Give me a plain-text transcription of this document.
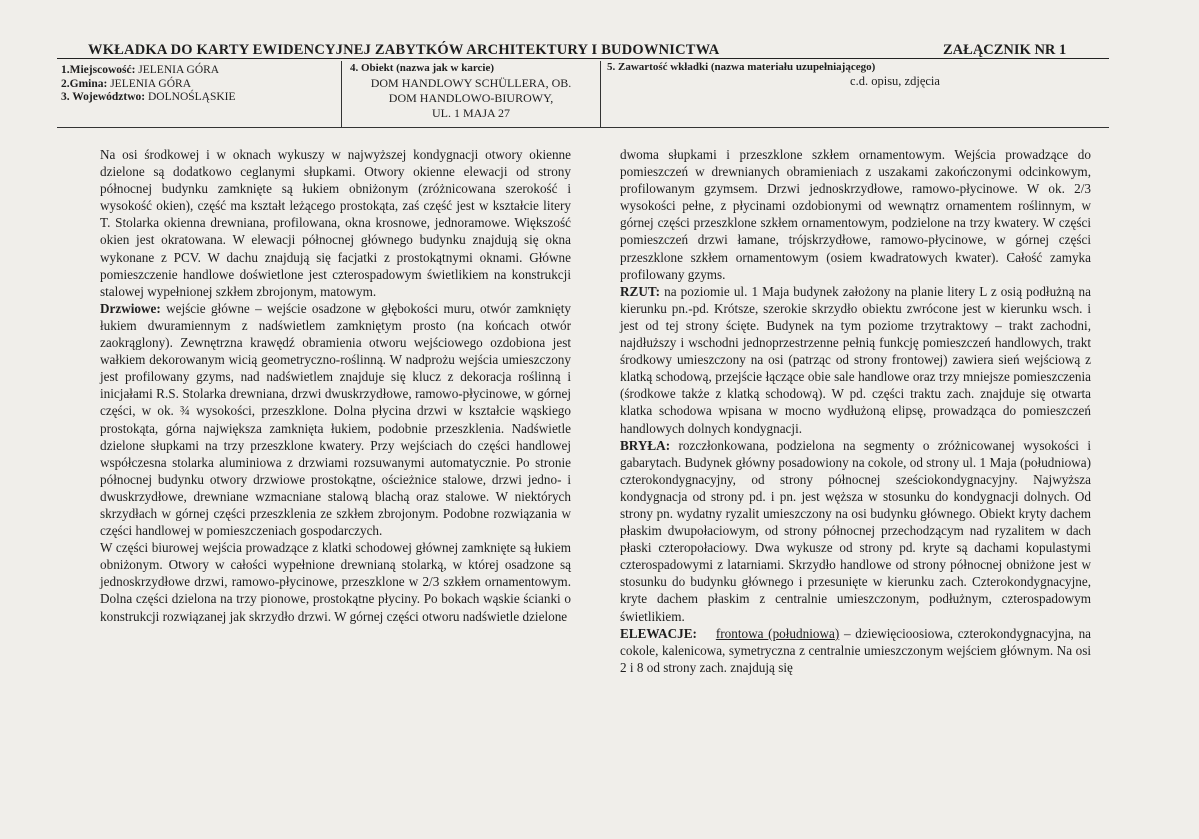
WKŁADKA DO KARTY EWIDENCYJNEJ ZABYTKÓW ARCHITEKTURY I BUDOWNICTWA	ZAŁĄCZNIK NR 1
1.Miejscowość: JELENIA GÓRA
2.Gmina: JELENIA GÓRA
3. Województwo: DOLNOŚLĄSKIE
4. Obiekt (nazwa jak w karcie)
DOM HANDLOWY SCHÜLLERA, OB.
DOM HANDLOWO-BIUROWY,
UL. 1 MAJA 27
5. Zawartość wkładki (nazwa materiału uzupełniającego)
c.d. opisu, zdjęcia

Na osi środkowej i w oknach wykuszy w najwyższej kondygnacji otwory okienne dzielone są dodatkowo ceglanymi słupkami. Otwory okienne elewacji od strony północnej budynku zamknięte są łukiem obniżonym (zróżnicowana szerokość i wysokość okien), część ma kształt leżącego prostokąta, zaś część jest w kształcie litery T. Stolarka okienna drewniana, profilowana, okna krosnowe, jednoramowe. Większość okien jest okratowana. W elewacji północnej głównego budynku znajdują się okna wykonane z PCV. W dachu znajdują się facjatki z prostokątnymi oknami. Główne pomieszczenie handlowe doświetlone jest czterospadowym świetlikiem na konstrukcji stalowej wypełnionej szkłem zbrojonym, matowym.

Drzwiowe: wejście główne – wejście osadzone w głębokości muru, otwór zamknięty łukiem dwuramiennym z nadświetlem zamkniętym prosto (na końcach otwór zaokrąglony). Zewnętrzna krawędź obramienia otworu wejściowego ozdobiona jest wałkiem dekorowanym wicią geometryczno-roślinną. W nadprożu wejścia umieszczony jest profilowany gzyms, nad nadświetlem znajduje się klucz z dekoracja roślinną i inicjałami R.S. Stolarka drewniana, drzwi dwuskrzydłowe, ramowo-płycinowe, w górnej części, w ok. ¾ wysokości, przeszklone. Dolna płycina drzwi w kształcie wąskiego prostokąta, górna największa zamknięta łukiem, podobnie przeszklenia. Nadświetle dzielone słupkami na trzy przeszklone kwatery. Przy wejściach do części handlowej współczesna stolarka aluminiowa z drzwiami rozsuwanymi automatycznie. Po stronie północnej budynku otwory drzwiowe prostokątne, ościeżnice stalowe, drzwi jedno- i dwuskrzydłowe, drewniane wzmacniane stalową blachą oraz stalowe. W niektórych skrzydłach w górnej części przeszklenia ze szkłem zbrojonym. Podobne rozwiązania w części handlowej w pomieszczeniach gospodarczych.

W części biurowej wejścia prowadzące z klatki schodowej głównej zamknięte są łukiem obniżonym. Otwory w całości wypełnione drewnianą stolarką, w której osadzone są jednoskrzydłowe drzwi, ramowo-płycinowe, przeszklone w 2/3 szkłem ornamentowym. Dolna części dzielona na trzy pionowe, prostokątne płyciny. Po bokach wąskie ścianki o konstrukcji rozwiązanej jak skrzydło drzwi. W górnej części otworu nadświetle dzielone

dwoma słupkami i przeszklone szkłem ornamentowym. Wejścia prowadzące do pomieszczeń w drewnianych obramieniach z uszakami zakończonymi odcinkowym, profilowanym gzymsem. Drzwi jednoskrzydłowe, ramowo-płycinowe. W ok. 2/3 wysokości pełne, z płycinami ozdobionymi od wewnątrz ornamentem roślinnym, w górnej części przeszklone szkłem ornamentowym, podzielone na trzy kwatery. W części pomieszczeń drzwi łamane, trójskrzydłowe, ramowo-płycinowe, w górnej części przeszklone szkłem ornamentowym (osiem kwadratowych kwater). Całość zamyka profilowany gzyms.

RZUT: na poziomie ul. 1 Maja budynek założony na planie litery L z osią podłużną na kierunku pn.-pd. Krótsze, szerokie skrzydło obiektu zwrócone jest w kierunku wsch. i jest od tej strony ścięte. Budynek na tym poziome trzytraktowy – trakt zachodni, najdłuższy i wschodni jednoprzestrzenne pełnią funkcję pomieszczeń handlowych, trakt środkowy umieszczony na osi (patrząc od strony frontowej) zawiera sień wejściową z klatką schodową, przejście łączące obie sale handlowe oraz trzy mniejsze pomieszczenia (środkowe także z klatką schodową). W pd. części traktu zach. znajduje się otwarta klatka schodowa wpisana w mocno wydłużoną elipsę, prowadząca do pomieszczeń handlowych dolnych kondygnacji.

BRYŁA: rozczłonkowana, podzielona na segmenty o zróżnicowanej wysokości i gabarytach. Budynek główny posadowiony na cokole, od strony ul. 1 Maja (południowa) czterokondygnacyjny, od strony północnej sześciokondygnacyjny. Najwyższa kondygnacja od strony pd. i pn. jest węższa w stosunku do kondygnacji dolnych. Od strony pn. wydatny ryzalit umieszczony na osi budynku głównego. Obiekt kryty dachem płaskim dwupołaciowym, od strony północnej przechodzącym nad ryzalitem w dach płaski czteropołaciowy. Dwa wykusze od strony pd. kryte są dachami kopulastymi czterospadowymi z latarniami. Skrzydło handlowe od strony północnej obniżone jest w stosunku do budynku głównego i przesunięte w kierunku zach. Czterokondygnacyjne, kryte dachem płaskim z centralnie umieszczonym, podłużnym, czterospadowym świetlikiem.

ELEWACJE: frontowa (południowa) – dziewięcioosiowa, czterokondygnacyjna, na cokole, kalenicowa, symetryczna z centralnie umieszczonym wejściem głównym. Na osi 2 i 8 od strony zach. znajdują się
